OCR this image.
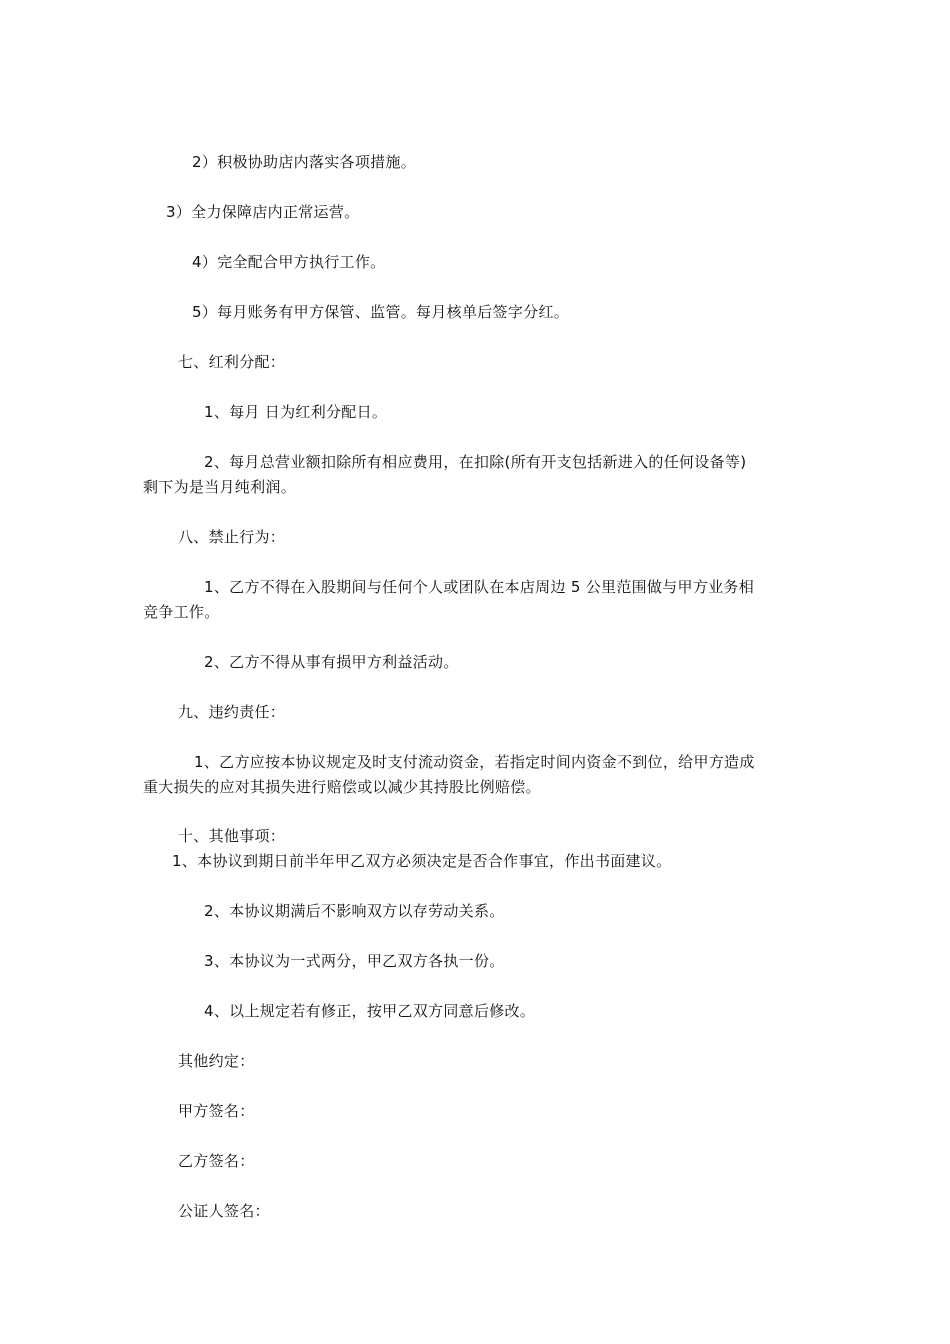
2）积极协助店内落实各项措施。
3）全力保障店内正常运营。
4）完全配合甲方执行工作。
5）每月账务有甲方保管、监管。每月核单后签字分红。
七、红利分配：
1、每月 日为红利分配日。
2、每月总营业额扣除所有相应费用，在扣除(所有开支包括新进入的任何设备等)
剩下为是当月纯利润。
八、禁止行为：
1、乙方不得在入股期间与任何个人或团队在本店周边 5 公里范围做与甲方业务相
竞争工作。
2、乙方不得从事有损甲方利益活动。
九、违约责任：
1、乙方应按本协议规定及时支付流动资金，若指定时间内资金不到位，给甲方造成
重大损失的应对其损失进行赔偿或以减少其持股比例赔偿。
十、其他事项：
1、本协议到期日前半年甲乙双方必须决定是否合作事宜，作出书面建议。
2、本协议期满后不影响双方以存劳动关系。
3、本协议为一式两分，甲乙双方各执一份。
4、以上规定若有修正，按甲乙双方同意后修改。
其他约定：
甲方签名：
乙方签名：
公证人签名：
